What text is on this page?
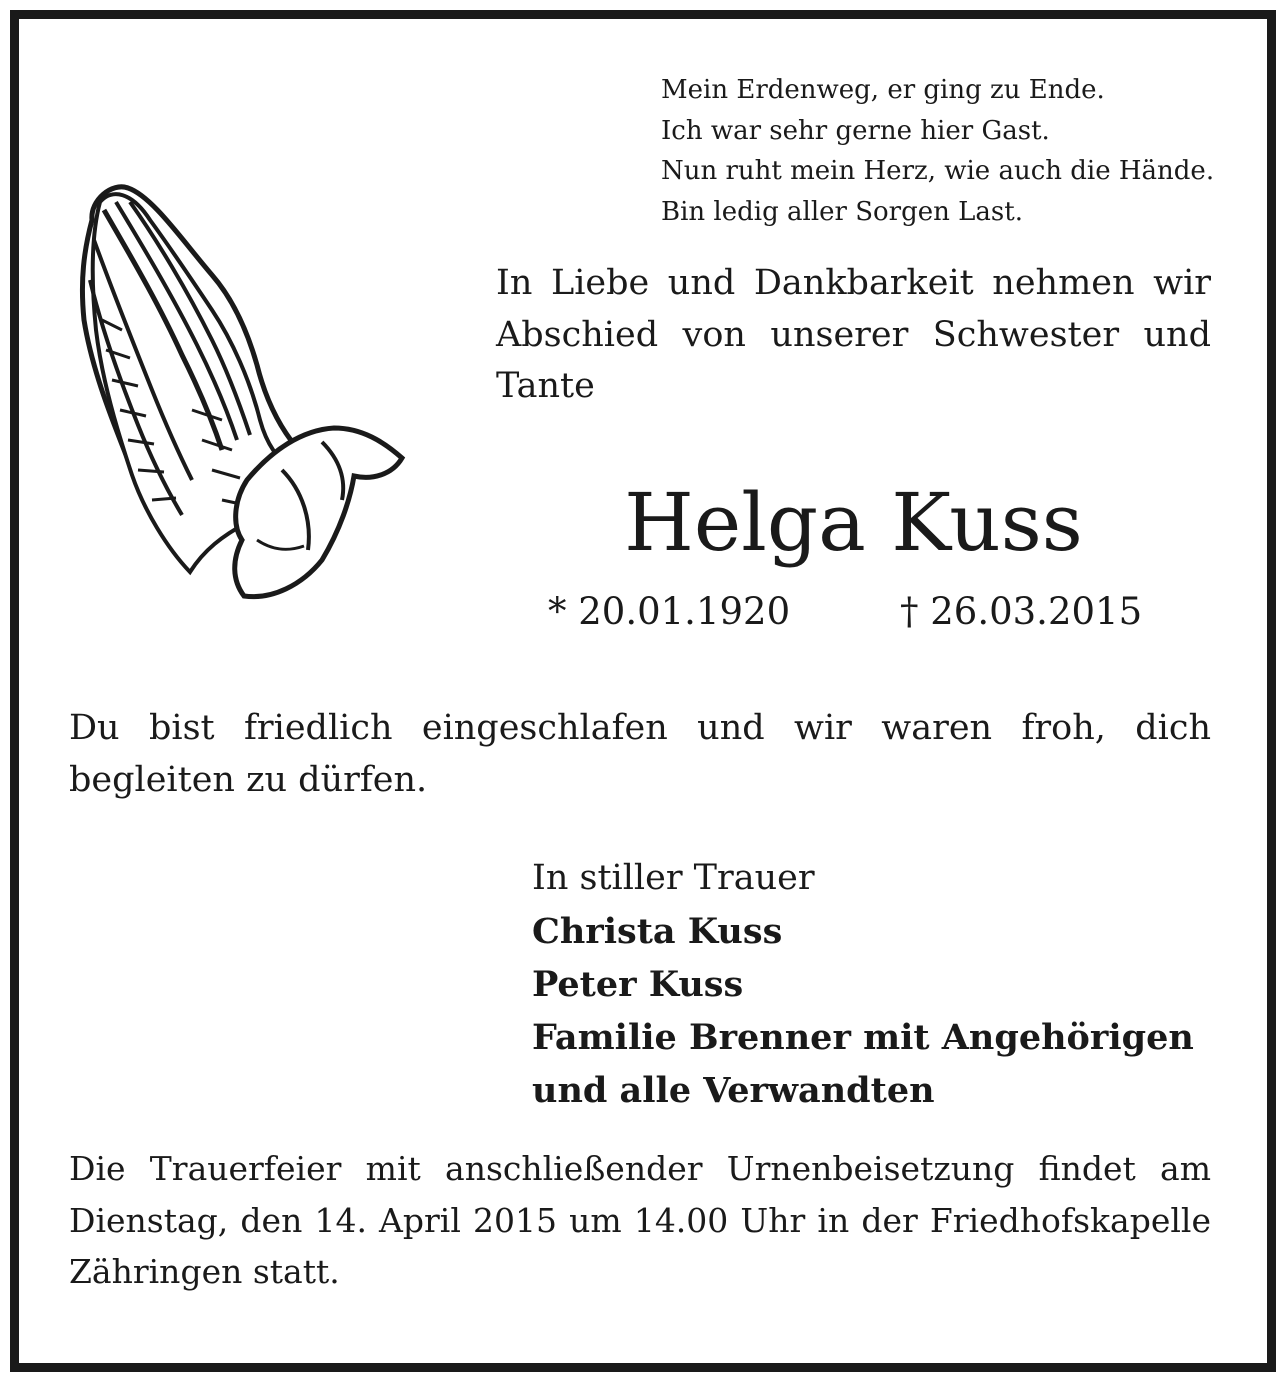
Mein Erdenweg, er ging zu Ende.
Ich war sehr gerne hier Gast.
Nun ruht mein Herz, wie auch die Hände.
Bin ledig aller Sorgen Last.
In Liebe und Dankbarkeit nehmen wir Abschied von unserer Schwester und Tante
Helga Kuss
* 20.01.1920	† 26.03.2015
Du bist friedlich eingeschlafen und wir waren froh, dich begleiten zu dürfen.
In stiller Trauer
Christa Kuss
Peter Kuss
Familie Brenner mit Angehörigen
und alle Verwandten
Die Trauerfeier mit anschließender Urnenbeisetzung findet am Dienstag, den 14. April 2015 um 14.00 Uhr in der Friedhofskapelle Zähringen statt.
